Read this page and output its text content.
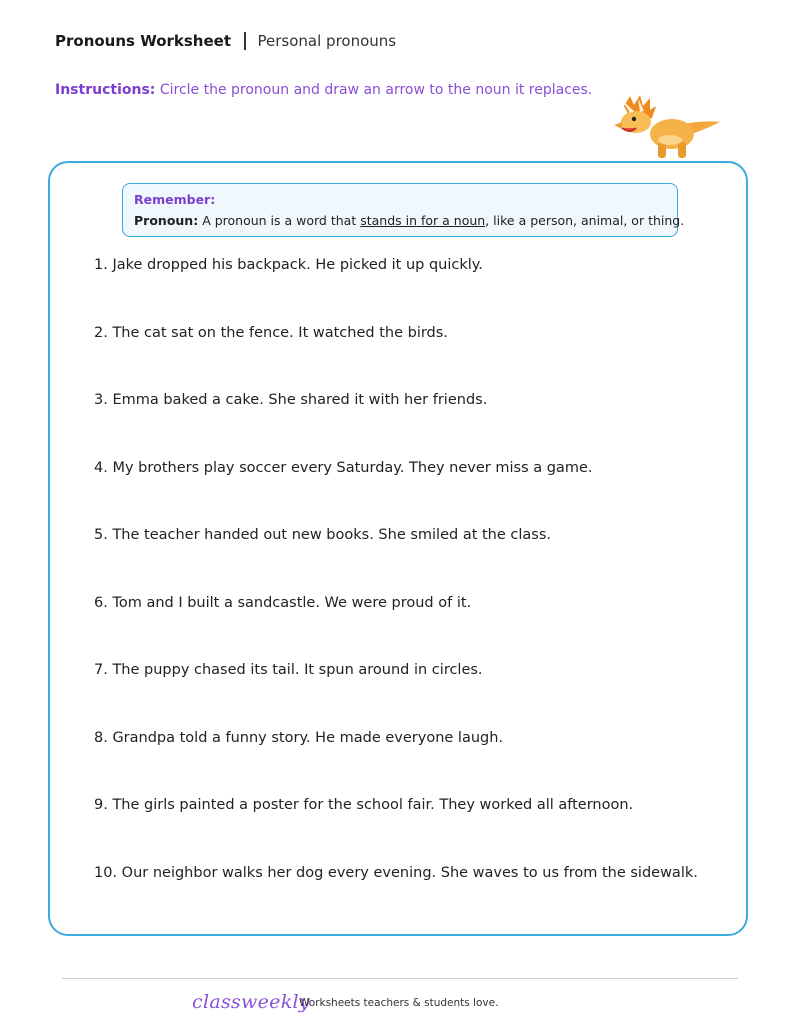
Pronouns Worksheet Personal pronouns
Instructions: Circle the pronoun and draw an arrow to the noun it replaces.
Remember:
Pronoun: A pronoun is a word that stands in for a noun, like a person, animal, or thing.
1. Jake dropped his backpack. He picked it up quickly.
2. The cat sat on the fence. It watched the birds.
3. Emma baked a cake. She shared it with her friends.
4. My brothers play soccer every Saturday. They never miss a game.
5. The teacher handed out new books. She smiled at the class.
6. Tom and I built a sandcastle. We were proud of it.
7. The puppy chased its tail. It spun around in circles.
8. Grandpa told a funny story. He made everyone laugh.
9. The girls painted a poster for the school fair. They worked all afternoon.
10. Our neighbor walks her dog every evening. She waves to us from the sidewalk.
classweekly
Worksheets teachers & students love.
